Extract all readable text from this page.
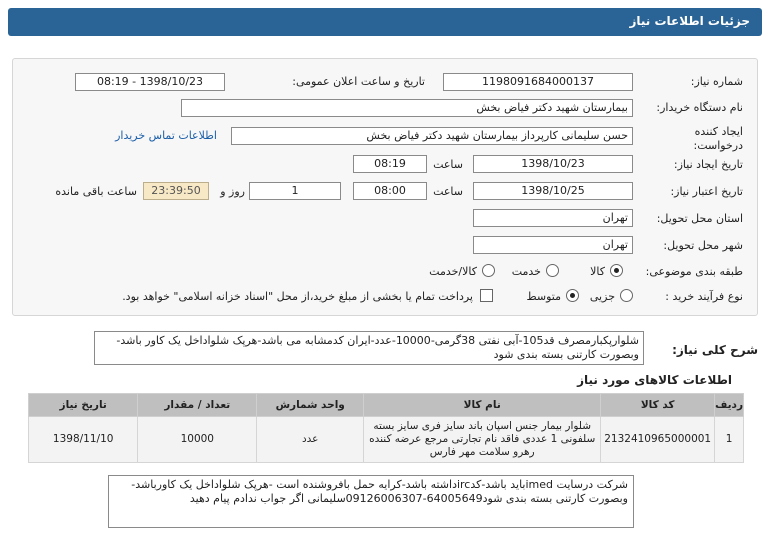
جزئیات اطلاعات نیاز
شماره نیاز:
1198091684000137
تاریخ و ساعت اعلان عمومی:
1398/10/23 - 08:19
نام دستگاه خریدار:
بیمارستان شهید دکتر فیاض بخش
ایجاد کننده درخواست:
حسن سلیمانی کارپرداز بیمارستان شهید دکتر فیاض بخش
اطلاعات تماس خریدار
تاریخ ایجاد نیاز:
1398/10/23
ساعت
08:19
تاریخ اعتبار نیاز:
1398/10/25
ساعت
08:00
1
روز و
23:39:50
ساعت باقی مانده
استان محل تحویل:
تهران
شهر محل تحویل:
تهران
طبقه بندی موضوعی:
کالا
خدمت
کالا/خدمت
نوع فرآیند خرید :
جزیی
متوسط
پرداخت تمام یا بخشی از مبلغ خرید،از محل "اسناد خزانه اسلامی" خواهد بود.
شرح کلی نیاز:
شلوارپکبارمصرف قد105-آبی نفتی 38گرمی-10000-عدد-ایران کدمشابه می باشد-هرپک شلواداخل یک کاور باشد-وبصورت کارتنی بسته بندی شود
اطلاعات کالاهای مورد نیاز
ردیف	کد کالا	نام کالا	واحد شمارش	تعداد / مقدار	تاریخ نیاز
1	2132410965000001	شلوار بیمار جنس اسپان باند سایز فری سایز بسته سلفونی 1 عددی فاقد نام تجارتی مرجع عرضه کننده رهرو سلامت مهر فارس	عدد	10000	1398/11/10
شرکت درسایت imedباید باشد-کدircداشته باشد-کرایه حمل بافروشنده است -هرپک شلواداخل یک کاورباشد-وبصورت کارتنی بسته بندی شود64005649-09126006307سلیمانی اگر جواب ندادم پیام دهید
